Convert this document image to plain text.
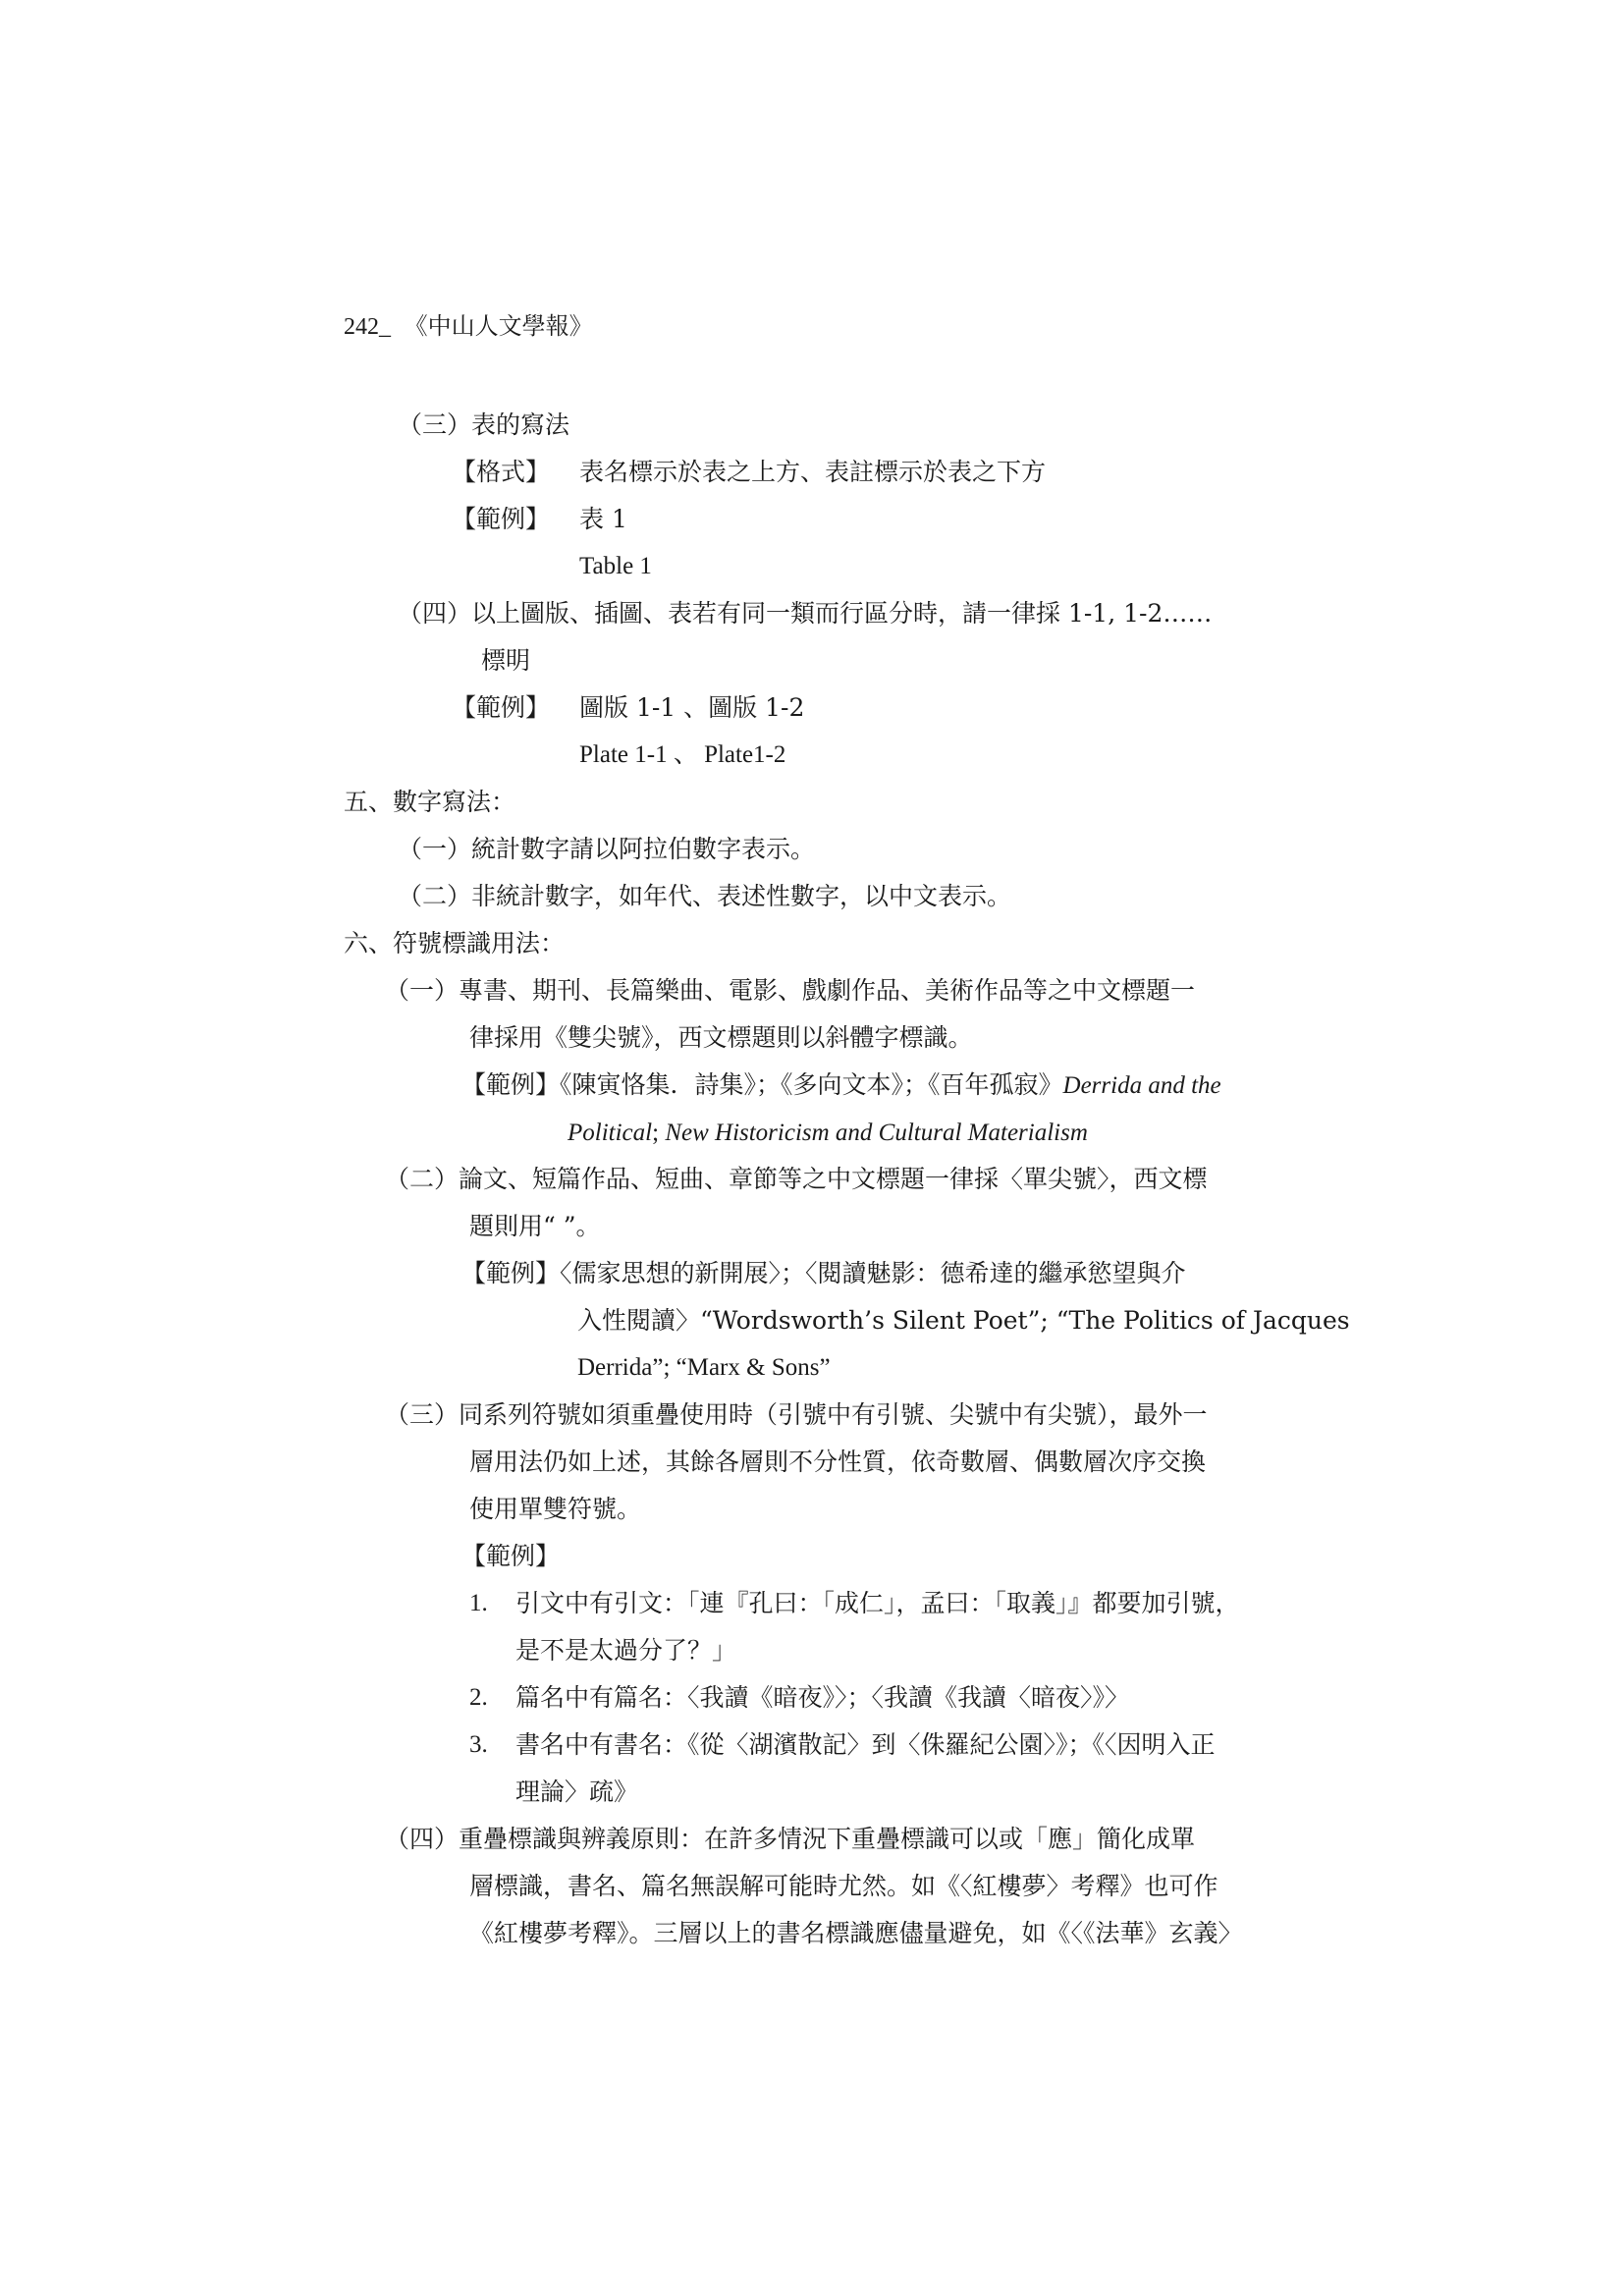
242_ 《中山人文學報》
（三）表的寫法
【格式】 表名標示於表之上方、表註標示於表之下方
【範例】 表 1
Table 1
（四）以上圖版、插圖、表若有同一類而行區分時，請一律採 1-1, 1-2……
標明
【範例】 圖版 1-1 、圖版 1-2
Plate 1-1 、 Plate1-2
五、數字寫法：
（一）統計數字請以阿拉伯數字表示。
（二）非統計數字，如年代、表述性數字，以中文表示。
六、符號標識用法：
（一）專書、期刊、長篇樂曲、電影、戲劇作品、美術作品等之中文標題一
律採用《雙尖號》，西文標題則以斜體字標識。
【範例】《陳寅恪集．詩集》；《多向文本》；《百年孤寂》Derrida and the
Political; New Historicism and Cultural Materialism
（二）論文、短篇作品、短曲、章節等之中文標題一律採〈單尖號〉，西文標
題則用“ ”。
【範例】〈儒家思想的新開展〉；〈閱讀魅影：德希達的繼承慾望與介
入性閱讀〉“Wordsworth’s Silent Poet”; “The Politics of Jacques
Derrida”; “Marx & Sons”
（三）同系列符號如須重疊使用時（引號中有引號、尖號中有尖號），最外一
層用法仍如上述，其餘各層則不分性質，依奇數層、偶數層次序交換
使用單雙符號。
【範例】
1. 引文中有引文：「連『孔曰：「成仁」，孟曰：「取義」』都要加引號，
是不是太過分了？」
2. 篇名中有篇名：〈我讀《暗夜》〉；〈我讀《我讀〈暗夜〉》〉
3. 書名中有書名：《從〈湖濱散記〉到〈侏羅紀公園〉》；《〈因明入正
理論〉疏》
（四）重疊標識與辨義原則：在許多情況下重疊標識可以或「應」簡化成單
層標識，書名、篇名無誤解可能時尤然。如《〈紅樓夢〉考釋》也可作
《紅樓夢考釋》。三層以上的書名標識應儘量避免，如《〈《法華》玄義〉
